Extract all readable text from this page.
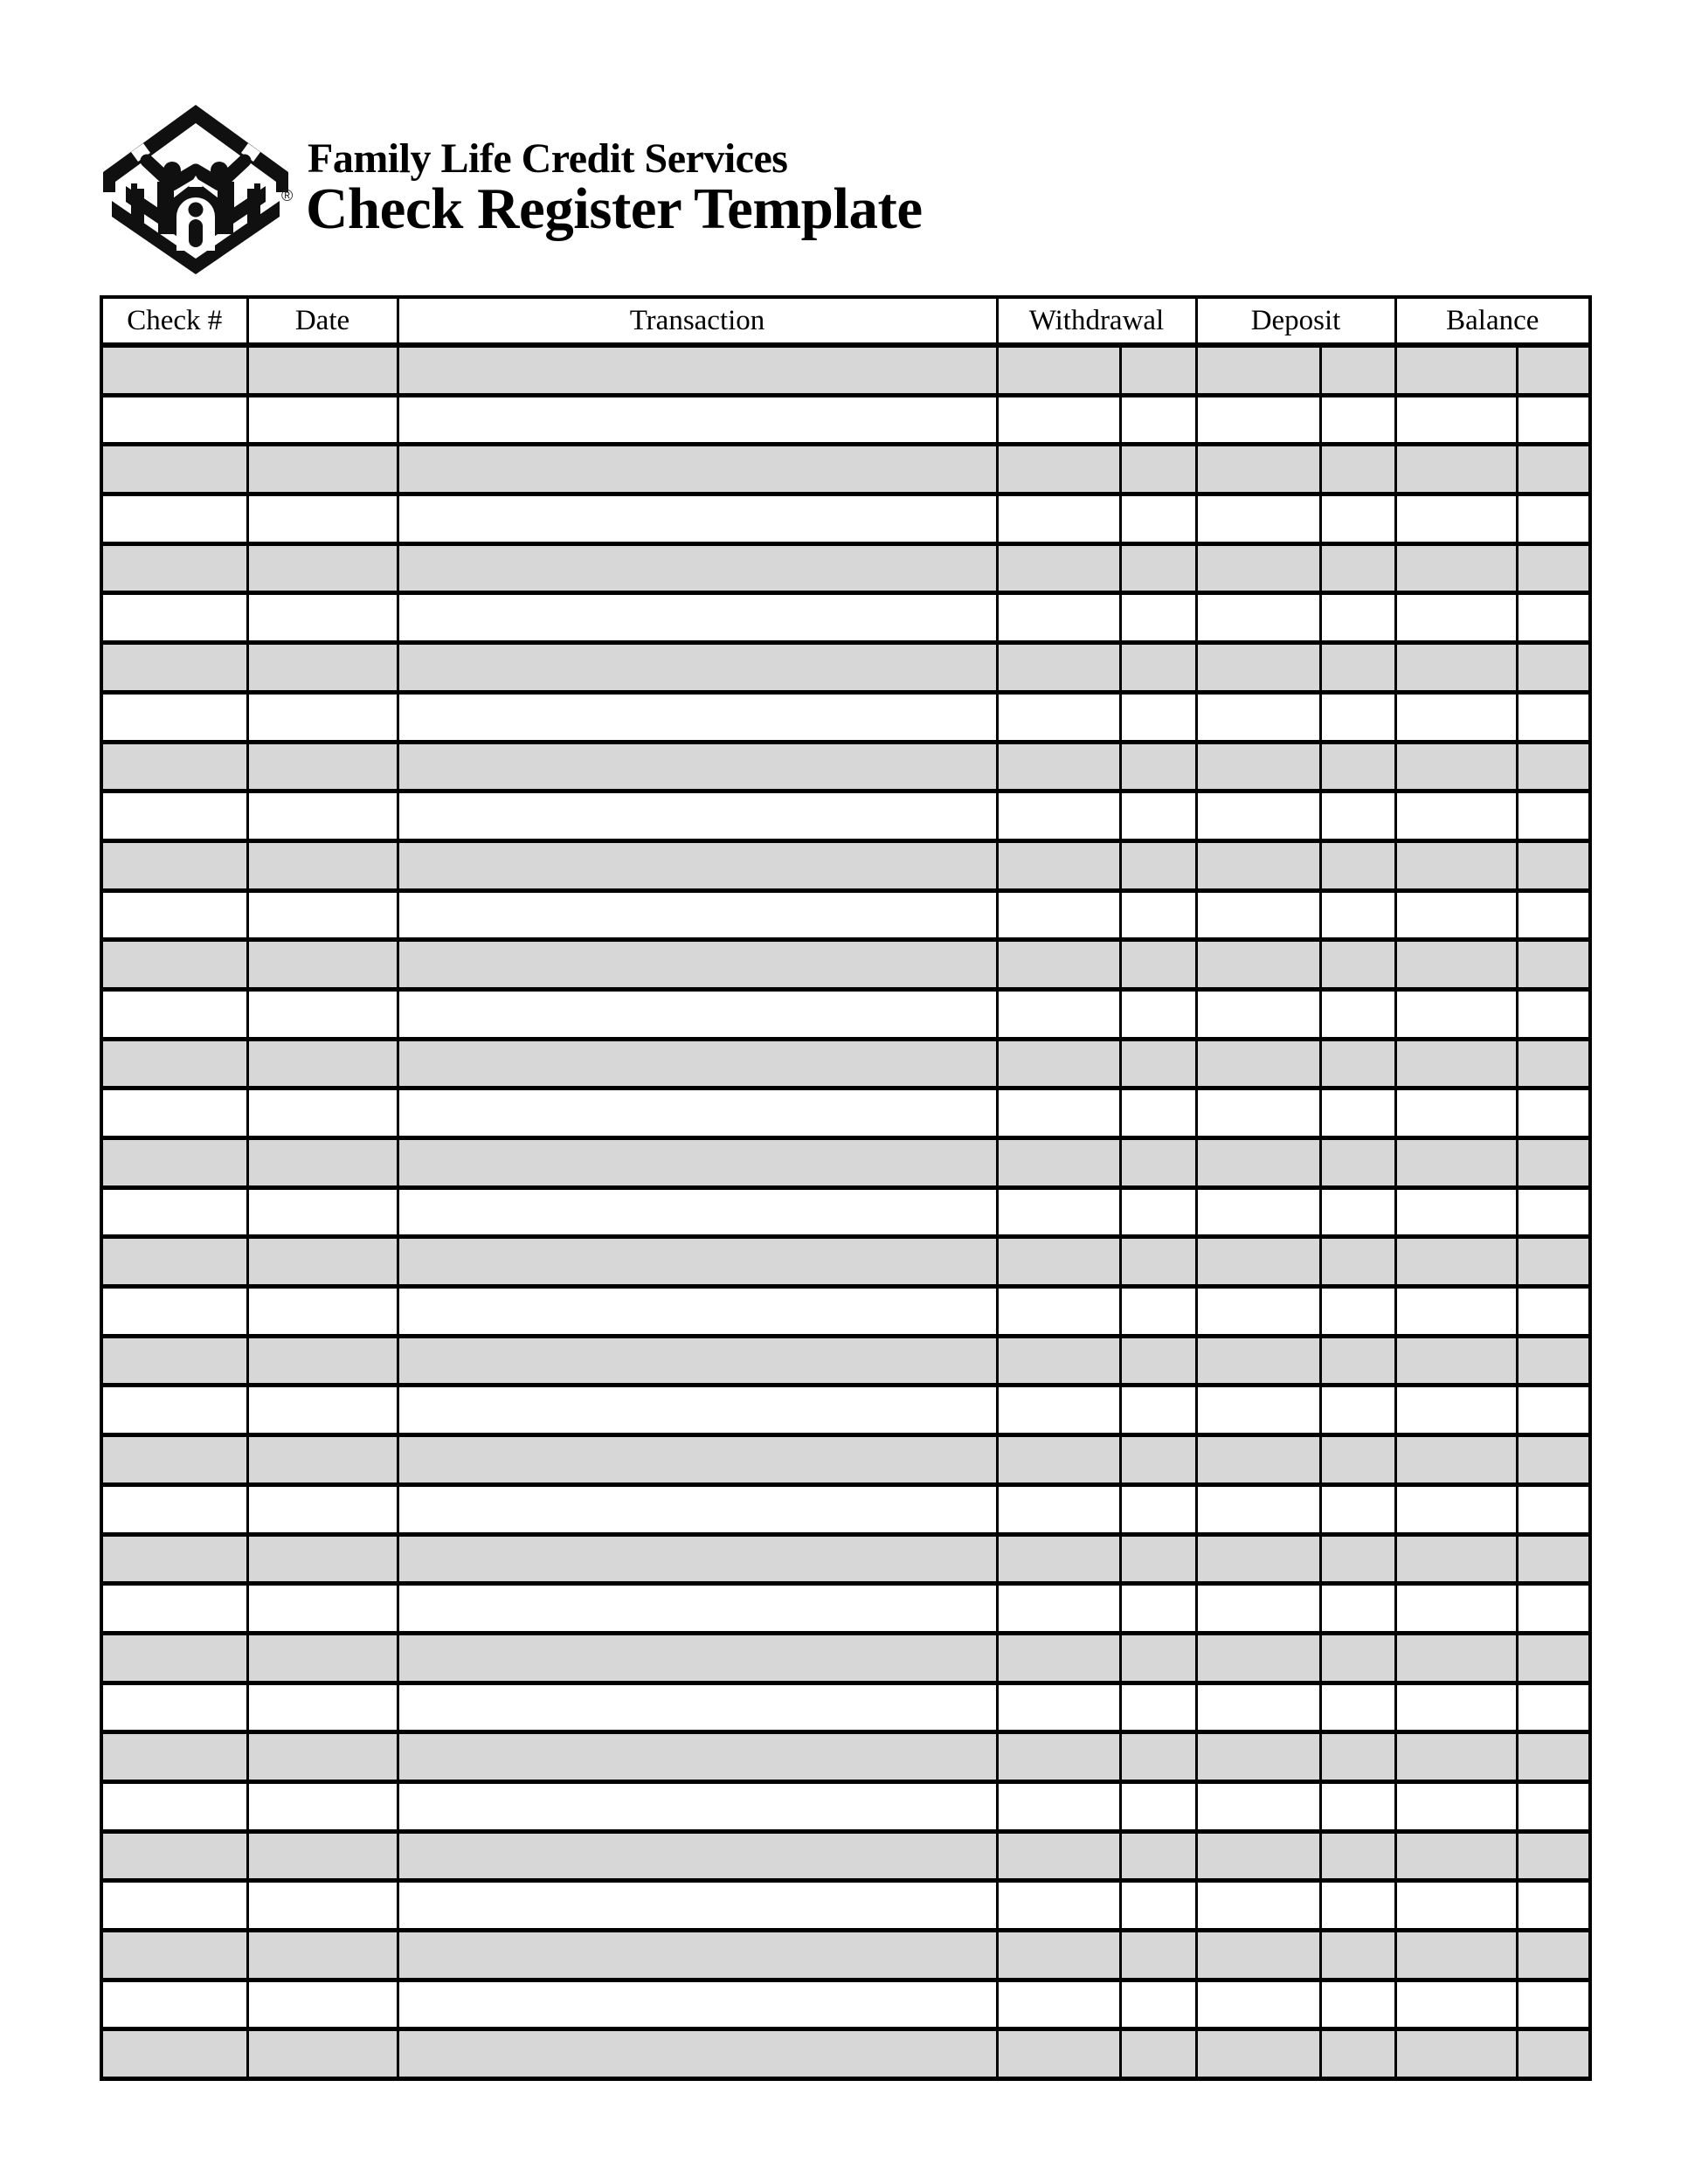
®
Family Life Credit Services
Check Register Template
Check #	Date	Transaction	Withdrawal		Deposit		Balance	
